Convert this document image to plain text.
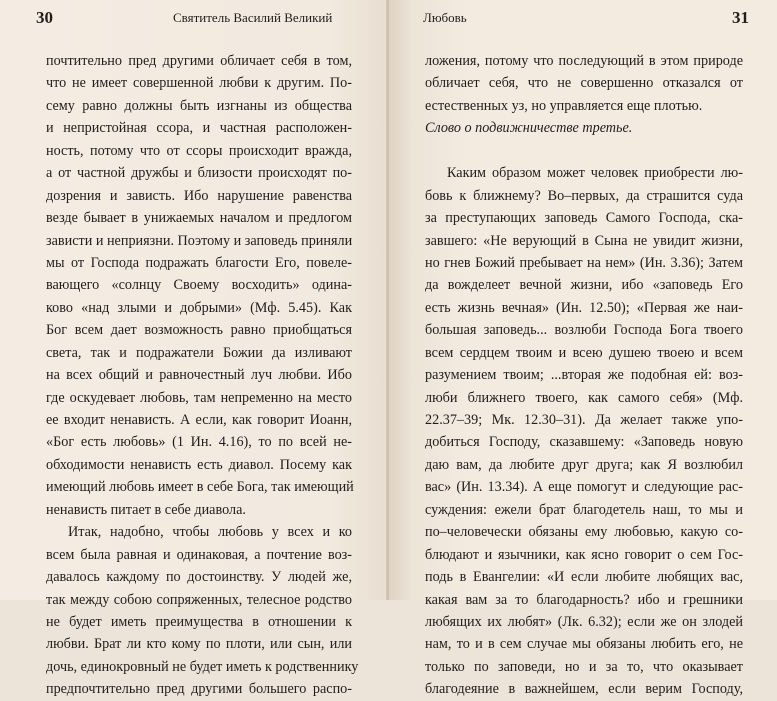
30	Святитель Василий Великий
почтительно пред другими обличает себя в том,
что не имеет совершенной любви к другим. По-
сему равно должны быть изгнаны из общества
и непристойная ссора, и частная расположен-
ность, потому что от ссоры происходит вражда,
а от частной дружбы и близости происходят по-
дозрения и зависть. Ибо нарушение равенства
везде бывает в унижаемых началом и предлогом
зависти и неприязни. Поэтому и заповедь приняли
мы от Господа подражать благости Его, повеле-
вающего «солнцу Своему восходить» одина-
ково «над злыми и добрыми» (Мф. 5.45). Как
Бог всем дает возможность равно приобщаться
света, так и подражатели Божии да изливают
на всех общий и равночестный луч любви. Ибо
где оскудевает любовь, там непременно на место
ее входит ненависть. А если, как говорит Иоанн,
«Бог есть любовь» (1 Ин. 4.16), то по всей не-
обходимости ненависть есть диавол. Посему как
имеющий любовь имеет в себе Бога, так имеющий
ненависть питает в себе диавола.
Итак, надобно, чтобы любовь у всех и ко
всем была равная и одинаковая, а почтение воз-
давалось каждому по достоинству. У людей же,
так между собою сопряженных, телесное родство
не будет иметь преимущества в отношении к
любви. Брат ли кто кому по плоти, или сын, или
дочь, единокровный не будет иметь к родственнику
предпочтительно пред другими большего распо-
Любовь	31
ложения, потому что последующий в этом природе
обличает себя, что не совершенно отказался от
естественных уз, но управляется еще плотью.
Слово о подвижничестве третье.
Каким образом может человек приобрести лю-
бовь к ближнему? Во–первых, да страшится суда
за преступающих заповедь Самого Господа, ска-
завшего: «Не верующий в Сына не увидит жизни,
но гнев Божий пребывает на нем» (Ин. 3.36); Затем
да вожделеет вечной жизни, ибо «заповедь Его
есть жизнь вечная» (Ин. 12.50); «Первая же наи-
большая заповедь... возлюби Господа Бога твоего
всем сердцем твоим и всею душею твоею и всем
разумением твоим; ...вторая же подобная ей: воз-
люби ближнего твоего, как самого себя» (Мф.
22.37–39; Мк. 12.30–31). Да желает также упо-
добиться Господу, сказавшему: «Заповедь новую
даю вам, да любите друг друга; как Я возлюбил
вас» (Ин. 13.34). А еще помогут и следующие рас-
суждения: ежели брат благодетель наш, то мы и
по–человечески обязаны ему любовью, какую со-
блюдают и язычники, как ясно говорит о сем Гос-
подь в Евангелии: «И если любите любящих вас,
какая вам за то благодарность? ибо и грешники
любящих их любят» (Лк. 6.32); если же он злодей
нам, то и в сем случае мы обязаны любить его, не
только по заповеди, но и за то, что оказывает
благодеяние в важнейшем, если верим Господу,
